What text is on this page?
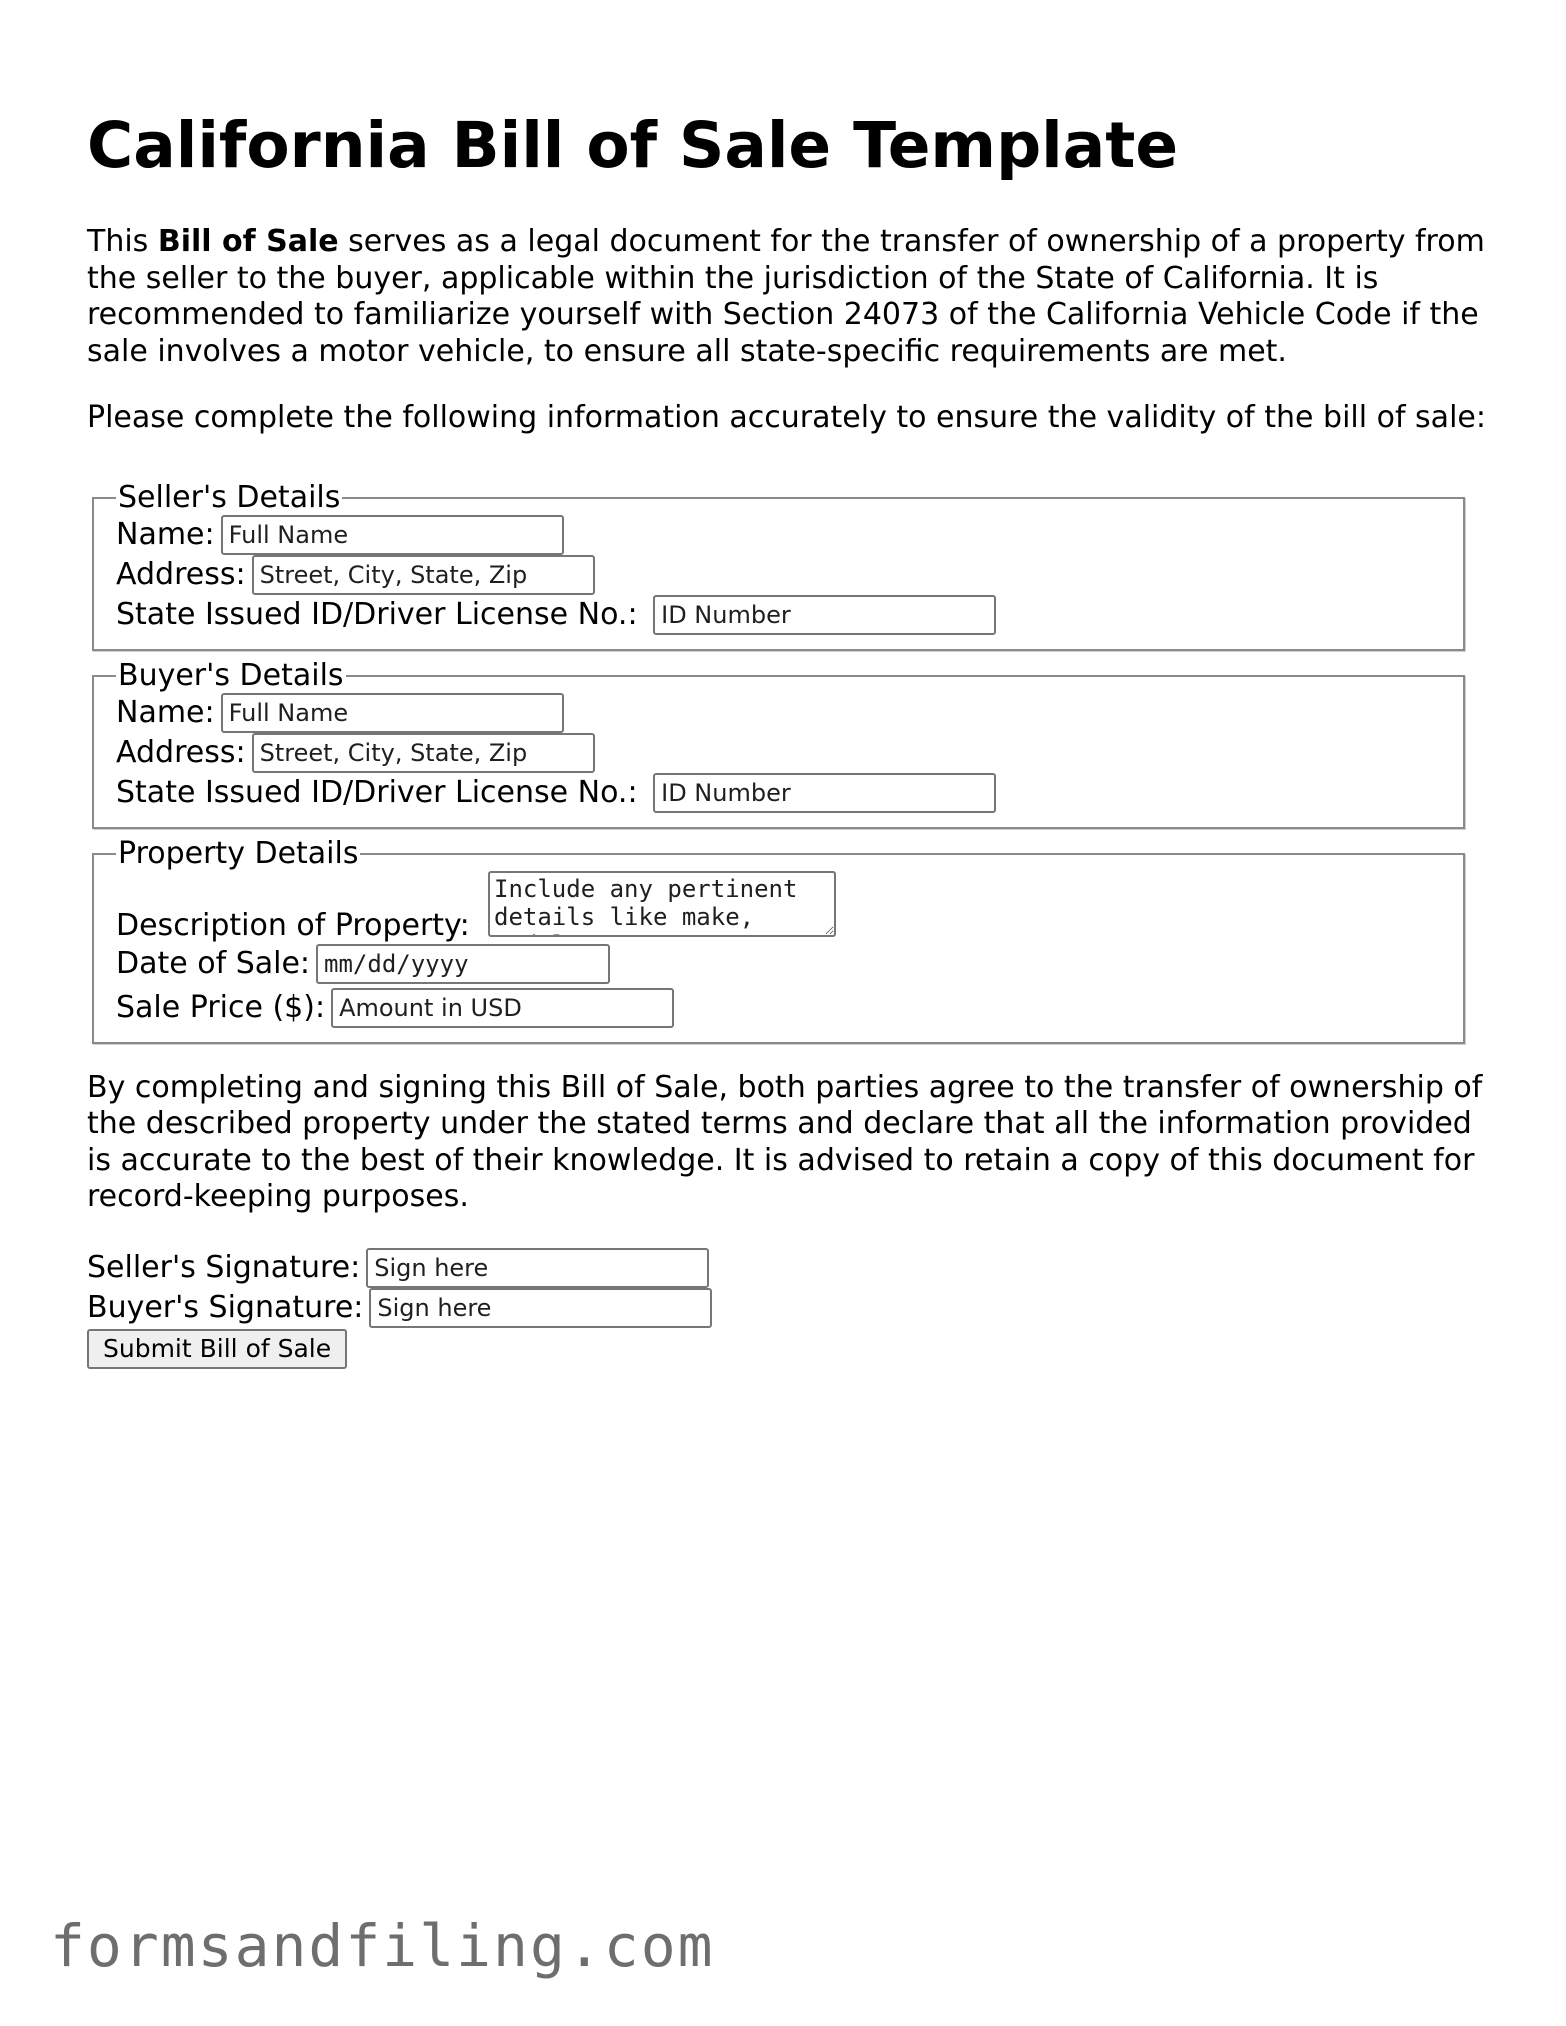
California Bill of Sale Template

This Bill of Sale serves as a legal document for the transfer of ownership of a property from the seller to the buyer, applicable within the jurisdiction of the State of California. It is recommended to familiarize yourself with Section 24073 of the California Vehicle Code if the sale involves a motor vehicle, to ensure all state-specific requirements are met.

Please complete the following information accurately to ensure the validity of the bill of sale:

Seller's Details
Name:Full Name
Address:Street, City, State, Zip
State Issued ID/Driver License No.: ID Number
Buyer's Details
Name:Full Name
Address:Street, City, State, Zip
State Issued ID/Driver License No.: ID Number
Property Details
Description of Property:
Include any pertinent details like make, model, year, VIN, etc.
Date of Sale:mm/dd/yyyy
Sale Price ($):Amount in USD

By completing and signing this Bill of Sale, both parties agree to the transfer of ownership of the described property under the stated terms and declare that all the information provided is accurate to the best of their knowledge. It is advised to retain a copy of this document for record-keeping purposes.

Seller's Signature:Sign here
Buyer's Signature:Sign here
Submit Bill of Sale
formsandfiling.com
